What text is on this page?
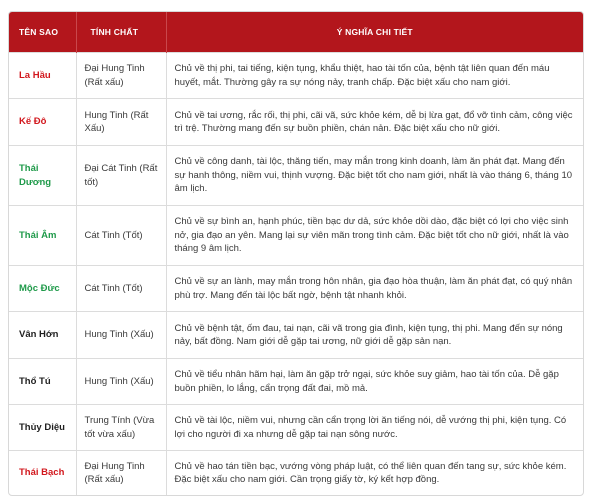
TÊN SAO	TÍNH CHẤT	Ý NGHĨA CHI TIẾT
La Hầu	Đại Hung Tinh (Rất xấu)	Chủ về thị phi, tai tiếng, kiện tụng, khẩu thiệt, hao tài tốn của, bệnh tật liên quan đến máu huyết, mắt. Thường gây ra sự nóng nảy, tranh chấp. Đặc biệt xấu cho nam giới.
Kế Đô	Hung Tinh (Rất Xấu)	Chủ về tai ương, rắc rối, thị phi, cãi vã, sức khỏe kém, dễ bị lừa gạt, đổ vỡ tình cảm, công việc trì trệ. Thường mang đến sự buồn phiền, chán nản. Đặc biệt xấu cho nữ giới.
Thái Dương	Đại Cát Tinh (Rất tốt)	Chủ về công danh, tài lộc, thăng tiến, may mắn trong kinh doanh, làm ăn phát đạt. Mang đến sự hanh thông, niềm vui, thịnh vượng. Đặc biệt tốt cho nam giới, nhất là vào tháng 6, tháng 10 âm lịch.
Thái Âm	Cát Tinh (Tốt)	Chủ về sự bình an, hạnh phúc, tiền bạc dư dả, sức khỏe dồi dào, đặc biệt có lợi cho việc sinh nở, gia đạo an yên. Mang lại sự viên mãn trong tình cảm. Đặc biệt tốt cho nữ giới, nhất là vào tháng 9 âm lịch.
Mộc Đức	Cát Tinh (Tốt)	Chủ về sự an lành, may mắn trong hôn nhân, gia đạo hòa thuận, làm ăn phát đạt, có quý nhân phù trợ. Mang đến tài lộc bất ngờ, bệnh tật nhanh khỏi.
Vân Hớn	Hung Tinh (Xấu)	Chủ về bệnh tật, ốm đau, tai nạn, cãi vã trong gia đình, kiện tụng, thị phi. Mang đến sự nóng nảy, bất đồng. Nam giới dễ gặp tai ương, nữ giới dễ gặp sản nạn.
Thổ Tú	Hung Tinh (Xấu)	Chủ về tiểu nhân hãm hại, làm ăn gặp trở ngại, sức khỏe suy giảm, hao tài tốn của. Dễ gặp buồn phiền, lo lắng, cẩn trọng đất đai, mồ mả.
Thủy Diệu	Trung Tính (Vừa tốt vừa xấu)	Chủ về tài lộc, niềm vui, nhưng cần cẩn trọng lời ăn tiếng nói, dễ vướng thị phi, kiện tụng. Có lợi cho người đi xa nhưng dễ gặp tai nạn sông nước.
Thái Bạch	Đại Hung Tinh (Rất xấu)	Chủ về hao tán tiền bạc, vướng vòng pháp luật, có thể liên quan đến tang sự, sức khỏe kém. Đặc biệt xấu cho nam giới. Cần trọng giấy tờ, ký kết hợp đồng.
